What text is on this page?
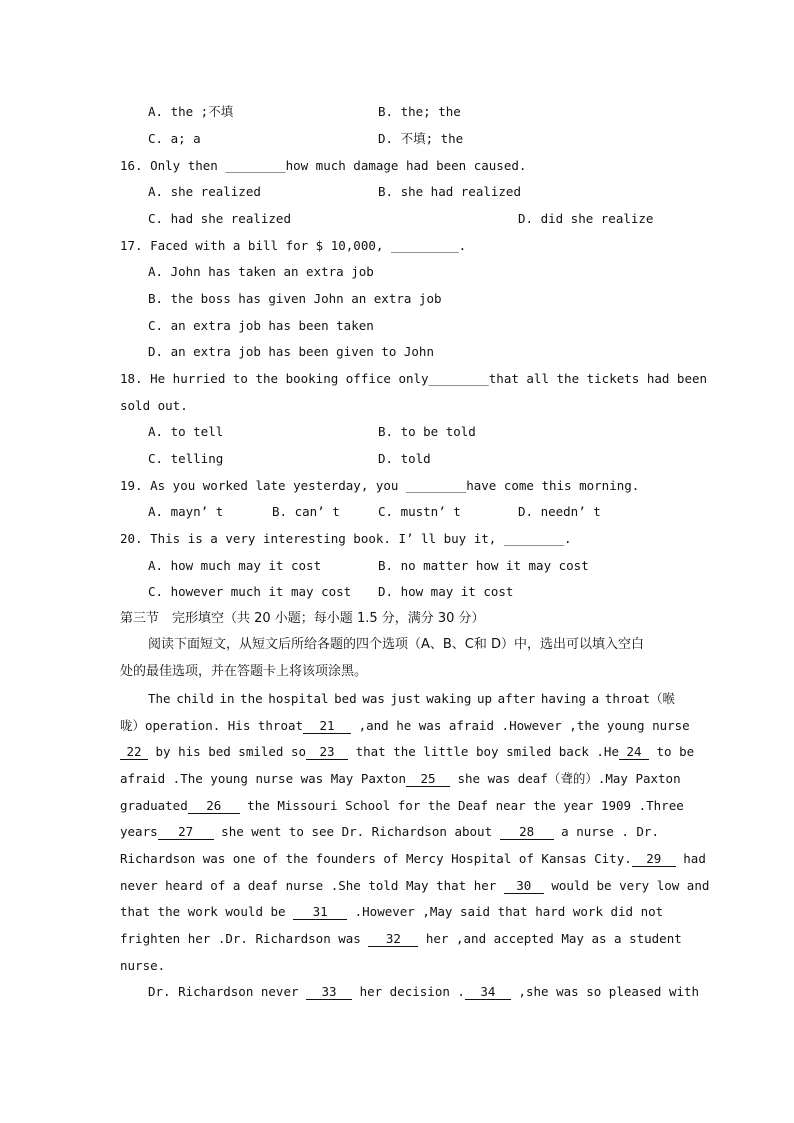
A. the ;不填	B. the; the
C. a; a	D. 不填; the
16. Only then ________how much damage had been caused.
A. she realized	B. she had realized
C. had she realized	D. did she realize
17. Faced with a bill for $ 10,000, _________.
A. John has taken an extra job
B. the boss has given John an extra job
C. an extra job has been taken
D. an extra job has been given to John
18. He hurried to the booking office only________ that all the tickets had been
sold out.
A. to tell	B. to be told
C. telling	D. told
19. As you worked late yesterday, you ________have come this morning.
A. mayn’ t	B. can’ t	C. mustn’ t	D. needn’ t
20. This is a very interesting book. I’ ll buy it, ________.
A. how much may it cost	B. no matter how it may cost
C. however much it may cost D. how may it cost
第三节　完形填空（共 20 小题；每小题 1.5 分，满分 30 分）
阅读下面短文，从短文后所给各题的四个选项（A、B、C和 D）中，选出可以填入空白
处的最佳选项，并在答题卡上将该项涂黑。
The child in the hospital bed was just waking up after having a throat（喉
咙）operation. His throat 21 ,and he was afraid .However ,the young nurse
22 by his bed smiled so 23 that the little boy smiled back .He 24 to be
afraid .The young nurse was May Paxton 25 she was deaf（聋的）.May Paxton
graduated 26 the Missouri School for the Deaf near the year 1909 .Three
years 27 she went to see Dr. Richardson about 28 a nurse . Dr.
Richardson was one of the founders of Mercy Hospital of Kansas City. 29 had
never heard of a deaf nurse .She told May that her 30 would be very low and
that the work would be 31 .However ,May said that hard work did not
frighten her .Dr. Richardson was 32 her ,and accepted May as a student
nurse.
Dr. Richardson never 33 her decision . 34 ,she was so pleased with
